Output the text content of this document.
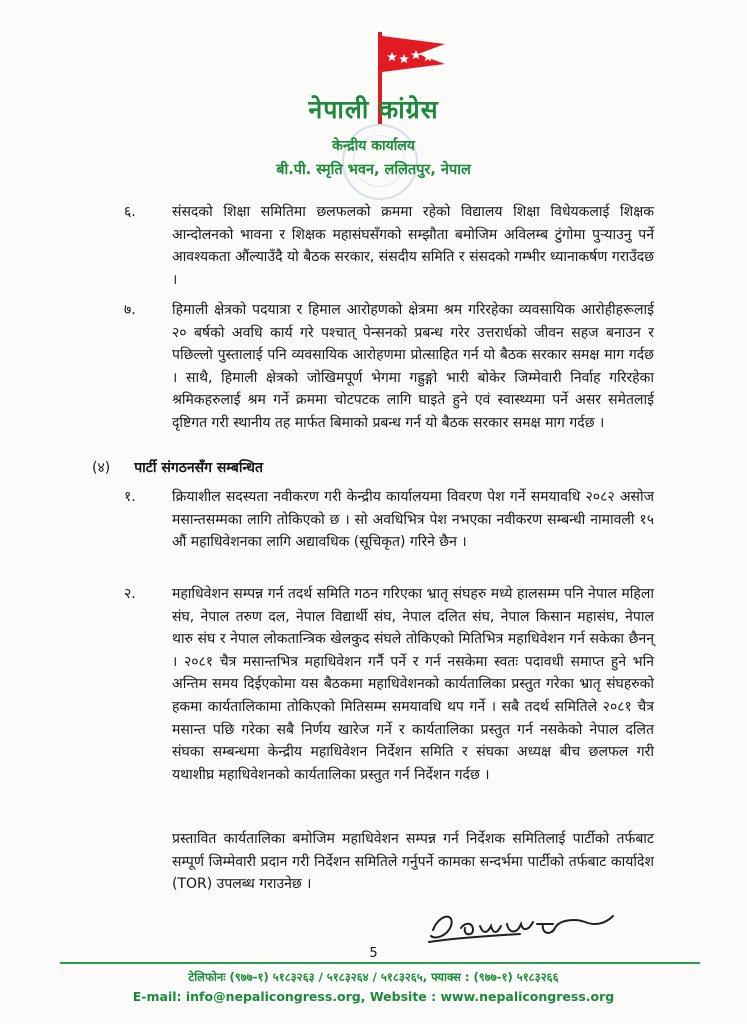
नेपाली कांग्रेस
केन्द्रीय कार्यालय
बी.पी. स्मृति भवन, ललितपुर, नेपाल
६.	संसदको शिक्षा समितिमा छलफलको क्रममा रहेको विद्यालय शिक्षा विधेयकलाई शिक्षक आन्दोलनको भावना र शिक्षक महासंघसँगको सम्झौता बमोजिम अविलम्ब टुंगोमा पुर्‍याउनु पर्ने आवश्यकता औंल्याउँदै यो बैठक सरकार, संसदीय समिति र संसदको गम्भीर ध्यानाकर्षण गराउँदछ ।
७.	हिमाली क्षेत्रको पदयात्रा र हिमाल आरोहणको क्षेत्रमा श्रम गरिरहेका व्यवसायिक आरोहीहरूलाई २० बर्षको अवधि कार्य गरे पश्चात् पेन्सनको प्रबन्ध गरेर उत्तरार्धको जीवन सहज बनाउन र पछिल्लो पुस्तालाई पनि व्यवसायिक आरोहणमा प्रोत्साहित गर्न यो बैठक सरकार समक्ष माग गर्दछ । साथै, हिमाली क्षेत्रको जोखिमपूर्ण भेगमा गह्रुङ्गो भारी बोकेर जिम्मेवारी निर्वाह गरिरहेका श्रमिकहरुलाई श्रम गर्ने क्रममा चोटपटक लागि घाइते हुने एवं स्वास्थ्यमा पर्ने असर समेतलाई दृष्टिगत गरी स्थानीय तह मार्फत बिमाको प्रबन्ध गर्न यो बैठक सरकार समक्ष माग गर्दछ ।
(४) पार्टी संगठनसँग सम्बन्धित
१.	क्रियाशील सदस्यता नवीकरण गरी केन्द्रीय कार्यालयमा विवरण पेश गर्ने समयावधि २०८२ असोज मसान्तसम्मका लागि तोकिएको छ । सो अवधिभित्र पेश नभएका नवीकरण सम्बन्धी नामावली १५ औं महाधिवेशनका लागि अद्यावधिक (सूचिकृत) गरिने छैन ।
२.	महाधिवेशन सम्पन्न गर्न तदर्थ समिति गठन गरिएका भ्रातृ संघहरु मध्ये हालसम्म पनि नेपाल महिला संघ, नेपाल तरुण दल, नेपाल विद्यार्थी संघ, नेपाल दलित संघ, नेपाल किसान महासंघ, नेपाल थारु संघ र नेपाल लोकतान्त्रिक खेलकुद संघले तोकिएको मितिभित्र महाधिवेशन गर्न सकेका छैनन् । २०८१ चैत्र मसान्तभित्र महाधिवेशन गर्नै पर्ने र गर्न नसकेमा स्वतः पदावधी समाप्त हुने भनि अन्तिम समय दिईएकोमा यस बैठकमा महाधिवेशनको कार्यतालिका प्रस्तुत गरेका भ्रातृ संघहरुको हकमा कार्यतालिकामा तोकिएको मितिसम्म समयावधि थप गर्ने । सबै तदर्थ समितिले २०८१ चैत्र मसान्त पछि गरेका सबै निर्णय खारेज गर्ने र कार्यतालिका प्रस्तुत गर्न नसकेको नेपाल दलित संघका सम्बन्धमा केन्द्रीय महाधिवेशन निर्देशन समिति र संघका अध्यक्ष बीच छलफल गरी यथाशीघ्र महाधिवेशनको कार्यतालिका प्रस्तुत गर्न निर्देशन गर्दछ ।
प्रस्तावित कार्यतालिका बमोजिम महाधिवेशन सम्पन्न गर्न निर्देशक समितिलाई पार्टीको तर्फबाट सम्पूर्ण जिम्मेवारी प्रदान गरी निर्देशन समितिले गर्नुपर्ने कामका सन्दर्भमा पार्टीको तर्फबाट कार्यादेश (TOR) उपलब्ध गराउनेछ ।
5
टेलिफोनः (९७७-१) ५१८३२६३ / ५१८३२६४ / ५१८३२६५, फ्याक्स : (९७७-१) ५१८३२६६
E-mail: info@nepalicongress.org, Website : www.nepalicongress.org
